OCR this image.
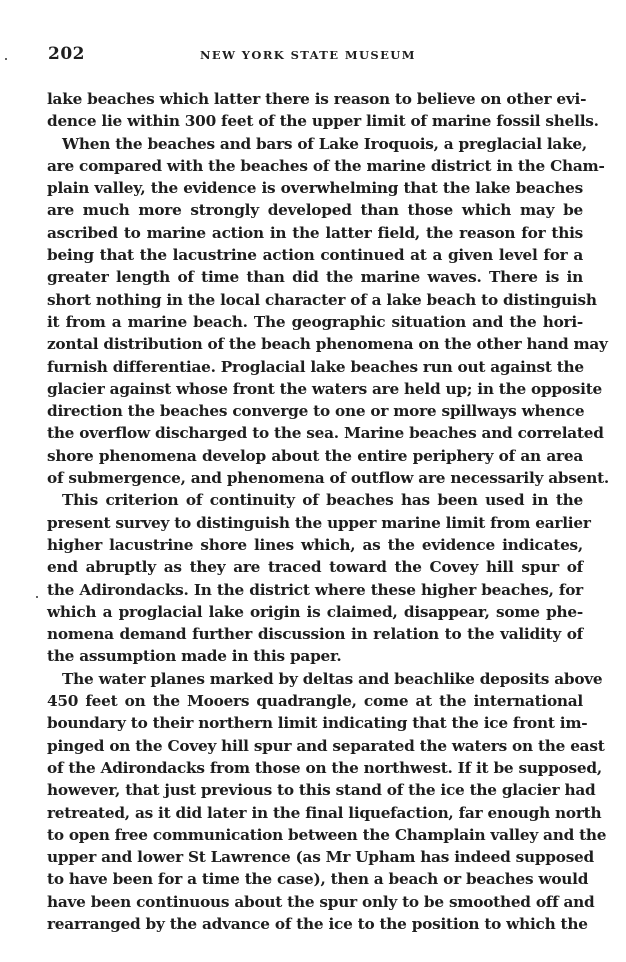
202	NEW YORK STATE MUSEUM
lake beaches which latter there is reason to believe on other evi-
dence lie within 300 feet of the upper limit of marine fossil shells.
When the beaches and bars of Lake Iroquois, a preglacial lake,
are compared with the beaches of the marine district in the Cham-
plain valley, the evidence is overwhelming that the lake beaches
are much more strongly developed than those which may be
ascribed to marine action in the latter field, the reason for this
being that the lacustrine action continued at a given level for a
greater length of time than did the marine waves. There is in
short nothing in the local character of a lake beach to distinguish
it from a marine beach. The geographic situation and the hori-
zontal distribution of the beach phenomena on the other hand may
furnish differentiae. Proglacial lake beaches run out against the
glacier against whose front the waters are held up; in the opposite
direction the beaches converge to one or more spillways whence
the overflow discharged to the sea. Marine beaches and correlated
shore phenomena develop about the entire periphery of an area
of submergence, and phenomena of outflow are necessarily absent.
This criterion of continuity of beaches has been used in the
present survey to distinguish the upper marine limit from earlier
higher lacustrine shore lines which, as the evidence indicates,
end abruptly as they are traced toward the Covey hill spur of
the Adirondacks. In the district where these higher beaches, for
which a proglacial lake origin is claimed, disappear, some phe-
nomena demand further discussion in relation to the validity of
the assumption made in this paper.
The water planes marked by deltas and beachlike deposits above
450 feet on the Mooers quadrangle, come at the international
boundary to their northern limit indicating that the ice front im-
pinged on the Covey hill spur and separated the waters on the east
of the Adirondacks from those on the northwest. If it be supposed,
however, that just previous to this stand of the ice the glacier had
retreated, as it did later in the final liquefaction, far enough north
to open free communication between the Champlain valley and the
upper and lower St Lawrence (as Mr Upham has indeed supposed
to have been for a time the case), then a beach or beaches would
have been continuous about the spur only to be smoothed off and
rearranged by the advance of the ice to the position to which the
